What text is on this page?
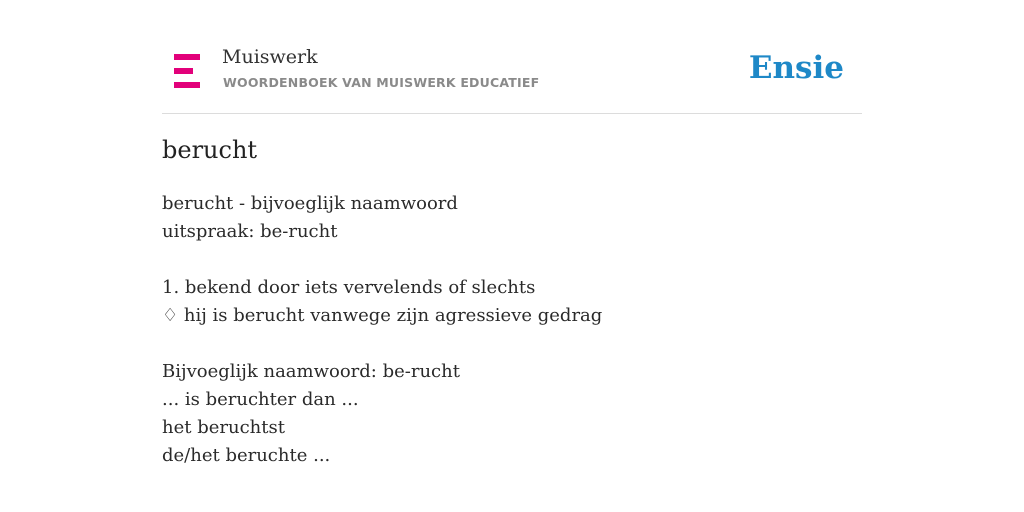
Muiswerk
WOORDENBOEK VAN MUISWERK EDUCATIEF	Ensie
berucht
berucht - bijvoeglijk naamwoord
uitspraak: be-rucht
1. bekend door iets vervelends of slechts
♢ hij is berucht vanwege zijn agressieve gedrag
Bijvoeglijk naamwoord: be-rucht
... is beruchter dan ...
het beruchtst
de/het beruchte ...
